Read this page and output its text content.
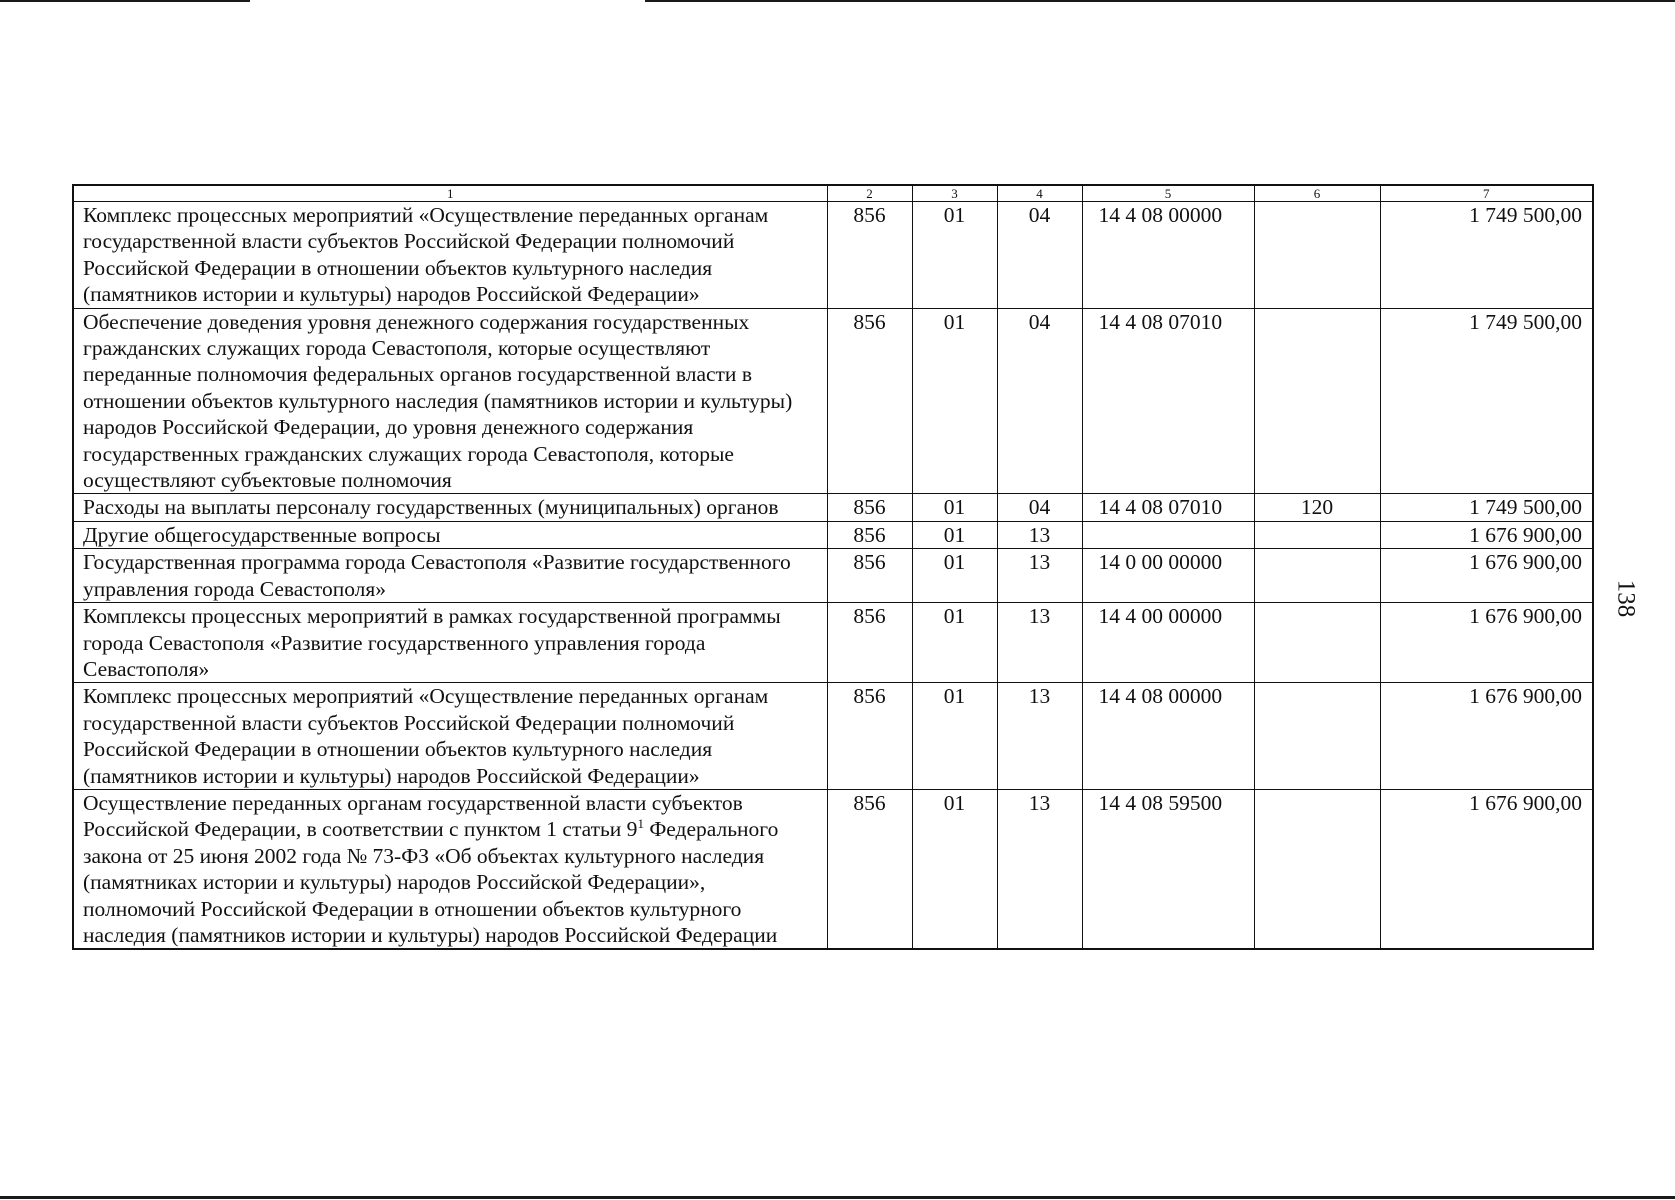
138
1	2	3	4	5	6	7
Комплекс процессных мероприятий «Осуществление переданных органам государственной власти субъектов Российской Федерации полномочий Российской Федерации в отношении объектов культурного наследия (памятников истории и культуры) народов Российской Федерации»	856	01	04	14 4 08 00000		1 749 500,00
Обеспечение доведения уровня денежного содержания государственных гражданских служащих города Севастополя, которые осуществляют переданные полномочия федеральных органов государственной власти в отношении объектов культурного наследия (памятников истории и культуры) народов Российской Федерации, до уровня денежного содержания государственных гражданских служащих города Севастополя, которые осуществляют субъектовые полномочия	856	01	04	14 4 08 07010		1 749 500,00
Расходы на выплаты персоналу государственных (муниципальных) органов	856	01	04	14 4 08 07010	120	1 749 500,00
Другие общегосударственные вопросы	856	01	13			1 676 900,00
Государственная программа города Севастополя «Развитие государственного управления города Севастополя»	856	01	13	14 0 00 00000		1 676 900,00
Комплексы процессных мероприятий в рамках государственной программы города Севастополя «Развитие государственного управления города Севастополя»	856	01	13	14 4 00 00000		1 676 900,00
Комплекс процессных мероприятий «Осуществление переданных органам государственной власти субъектов Российской Федерации полномочий Российской Федерации в отношении объектов культурного наследия (памятников истории и культуры) народов Российской Федерации»	856	01	13	14 4 08 00000		1 676 900,00
Осуществление переданных органам государственной власти субъектов Российской Федерации, в соответствии с пунктом 1 статьи $9^1$ Федерального закона от 25 июня 2002 года № 73-ФЗ «Об объектах культурного наследия (памятниках истории и культуры) народов Российской Федерации», полномочий Российской Федерации в отношении объектов культурного наследия (памятников истории и культуры) народов Российской Федерации	856	01	13	14 4 08 59500		1 676 900,00
